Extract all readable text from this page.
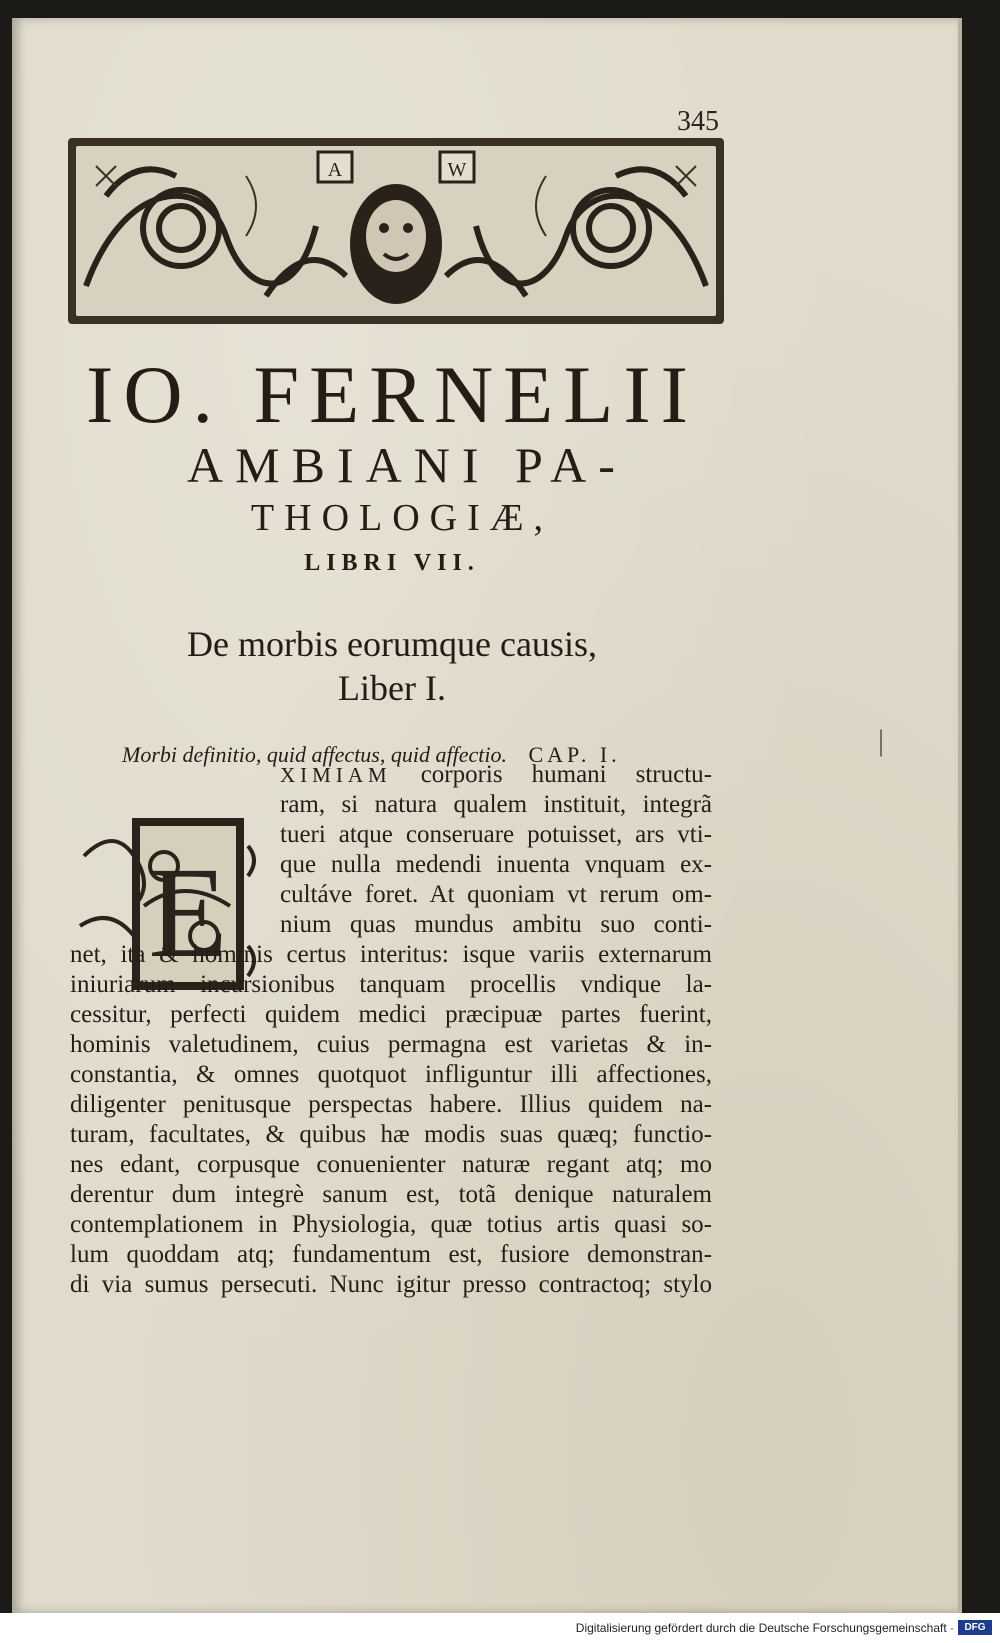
345
A	W
IO. FERNELII
AMBIANI PA-
THOLOGIÆ,
LIBRI VII.
De morbis eorumque causis,
Liber I.
Morbi definitio, quid affectus, quid affectio. CAP. I.
E
|
XIMIAM corporis humani structu-
ram, si natura qualem instituit, integrã
tueri atque conseruare potuisset, ars vti-
que nulla medendi inuenta vnquam ex-
cultáve foret. At quoniam vt rerum om-
nium quas mundus ambitu suo conti-
net, ita & hominis certus interitus: isque variis externarum
iniuriarum incursionibus tanquam procellis vndique la-
cessitur, perfecti quidem medici præcipuæ partes fuerint,
hominis valetudinem, cuius permagna est varietas & in-
constantia, & omnes quotquot infliguntur illi affectiones,
diligenter penitusque perspectas habere. Illius quidem na-
turam, facultates, & quibus hæ modis suas quæq; functio-
nes edant, corpusque conuenienter naturæ regant atq; mo
derentur dum integrè sanum est, totã denique naturalem
contemplationem in Physiologia, quæ totius artis quasi so-
lum quoddam atq; fundamentum est, fusiore demonstran-
di via sumus persecuti. Nunc igitur presso contractoq; stylo
Digitalisierung gefördert durch die Deutsche Forschungsgemeinschaft ·	DFG
